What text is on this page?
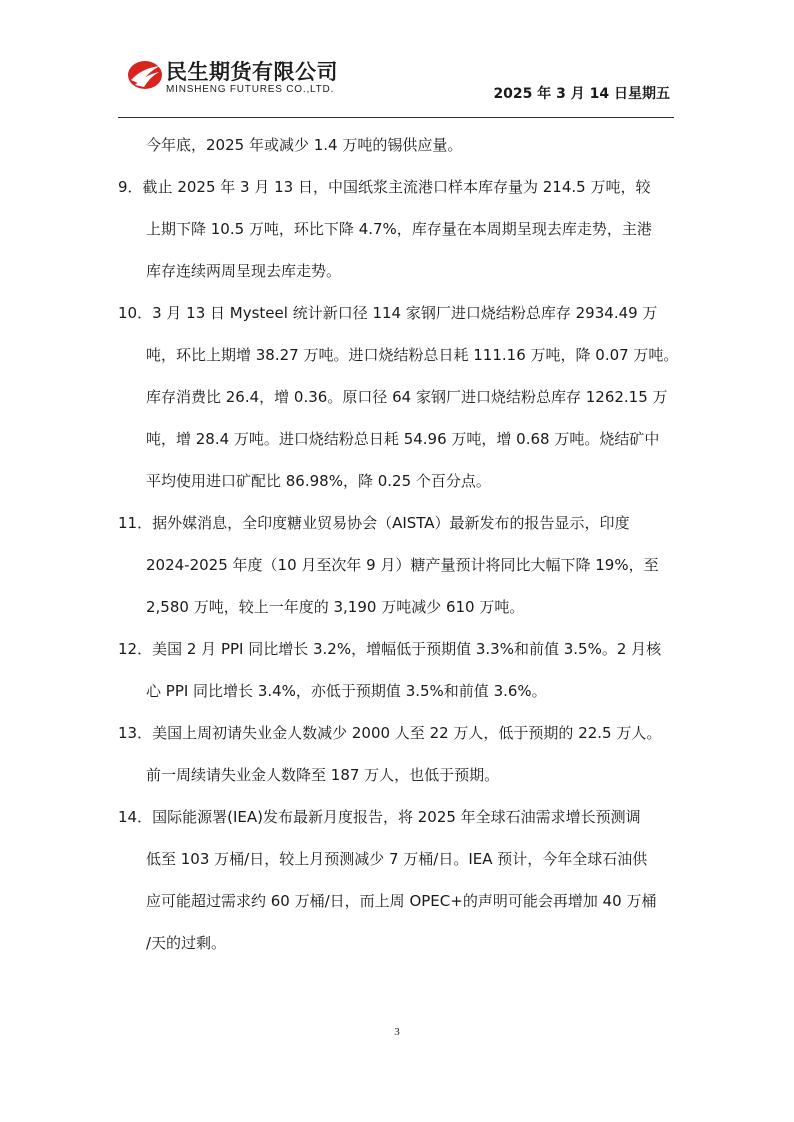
民生期货有限公司
MINSHENG FUTURES CO.,LTD.	2025 年 3 月 14 日星期五
今年底，2025 年或减少 1.4 万吨的锡供应量。
9．截止 2025 年 3 月 13 日，中国纸浆主流港口样本库存量为 214.5 万吨，较
上期下降 10.5 万吨，环比下降 4.7%，库存量在本周期呈现去库走势，主港
库存连续两周呈现去库走势。
10．3 月 13 日 Mysteel 统计新口径 114 家钢厂进口烧结粉总库存 2934.49 万
吨，环比上期增 38.27 万吨。进口烧结粉总日耗 111.16 万吨，降 0.07 万吨。
库存消费比 26.4，增 0.36。原口径 64 家钢厂进口烧结粉总库存 1262.15 万
吨，增 28.4 万吨。进口烧结粉总日耗 54.96 万吨，增 0.68 万吨。烧结矿中
平均使用进口矿配比 86.98%，降 0.25 个百分点。
11．据外媒消息，全印度糖业贸易协会（AISTA）最新发布的报告显示，印度
2024-2025 年度（10 月至次年 9 月）糖产量预计将同比大幅下降 19%，至
2,580 万吨，较上一年度的 3,190 万吨减少 610 万吨。
12．美国 2 月 PPI 同比增长 3.2%，增幅低于预期值 3.3%和前值 3.5%。2 月核
心 PPI 同比增长 3.4%，亦低于预期值 3.5%和前值 3.6%。
13．美国上周初请失业金人数减少 2000 人至 22 万人，低于预期的 22.5 万人。
前一周续请失业金人数降至 187 万人，也低于预期。
14．国际能源署(IEA)发布最新月度报告，将 2025 年全球石油需求增长预测调
低至 103 万桶/日，较上月预测减少 7 万桶/日。IEA 预计，今年全球石油供
应可能超过需求约 60 万桶/日，而上周 OPEC+的声明可能会再增加 40 万桶
/天的过剩。
3
